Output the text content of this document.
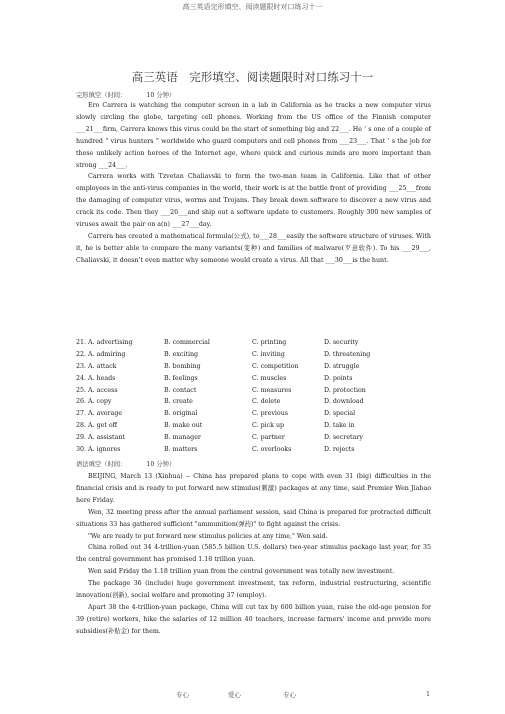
高三英语完形填空、阅读题限时对口练习十一
高三英语　完形填空、阅读题限时对口练习十一
完形填空（时间：	10 分钟）

Ero Carrera is watching the computer screen in a lab in California as he tracks a new computer virus slowly circling the globe, targeting cell phones. Working from the US office of the Finnish computer ___21___firm, Carrera knows this virus could be the start of something big and 22___. He ’ s one of a couple of hundred “ virus hunters ” worldwide who guard computers and cell phones from ___23___. That ’ s the job for these unlikely action heroes of the Internet age, where quick and curious minds are more important than strong ___24___.

Carrera works with Tzvetan Chaliavski to form the two-man team in California. Like that of other employees in the anti-virus companies in the world, their work is at the battle front of providing ___25___from the damaging of computer virus, worms and Trojans. They break down software to discover a new virus and crack its code. Then they ___26___and ship out a software update to customers. Roughly 300 new samples of viruses await the pair on a(n) ___27___day.

Carrera has created a mathematical formula(公式), to___28___easily the software structure of viruses. With it, he is better able to compare the many variants(变种) and families of malware(歹意软件). To his ___29___, Chaliavski, it doesn’t even matter why someone would create a virus. All that ___30___is the hunt.

21. A. advertising	B. commercial	C. printing	D. security
22. A. admiring	B. exciting	C. inviting	D. threatening
23. A. attack	B. bombing	C. competition	D. struggle
24. A. heads	B. feelings	C. muscles	D. points
25. A. access	B. contact	C. measures	D. protection
26. A. copy	B. create	C. delete	D. download
27. A. average	B. original	C. previous	D. special
28. A. get off	B. make out	C. pick up	D. take in
29. A. assistant	B. manager	C. partner	D. secretary
30. A. ignores	B. matters	C. overlooks	D. rejects
语法填空（时间：	10 分钟）

BEIJING, March 13 (Xinhua) -- China has prepared plans to cope with even 31 (big) difficulties in the financial crisis and is ready to put forward new stimulus(刺激) packages at any time, said Premier Wen Jiabao here Friday.

Wen, 32 meeting press after the annual parliament session, said China is prepared for protracted difficult situations 33 has gathered sufficient "ammunition(弹药)" to fight against the crisis.

"We are ready to put forward new stimulus policies at any time," Wen said.

China rolled out 34 4-trillion-yuan (585.5 billion U.S. dollars) two-year stimulus package last year, for 35 the central government has promised 1.18 trillion yuan.

Wen said Friday the 1.18 trillion yuan from the central government was totally new investment.

The package 36 (include) huge government investment, tax reform, industrial restructuring, scientific innovation(创新), social welfare and promoting 37 (employ).

Apart 38 the 4-trillion-yuan package, China will cut tax by 600 billion yuan, raise the old-age pension for 39 (retire) workers, hike the salaries of 12 million 40 teachers, increase farmers' income and provide more subsidies(补贴金) for them.

专心	爱心	专心	1
